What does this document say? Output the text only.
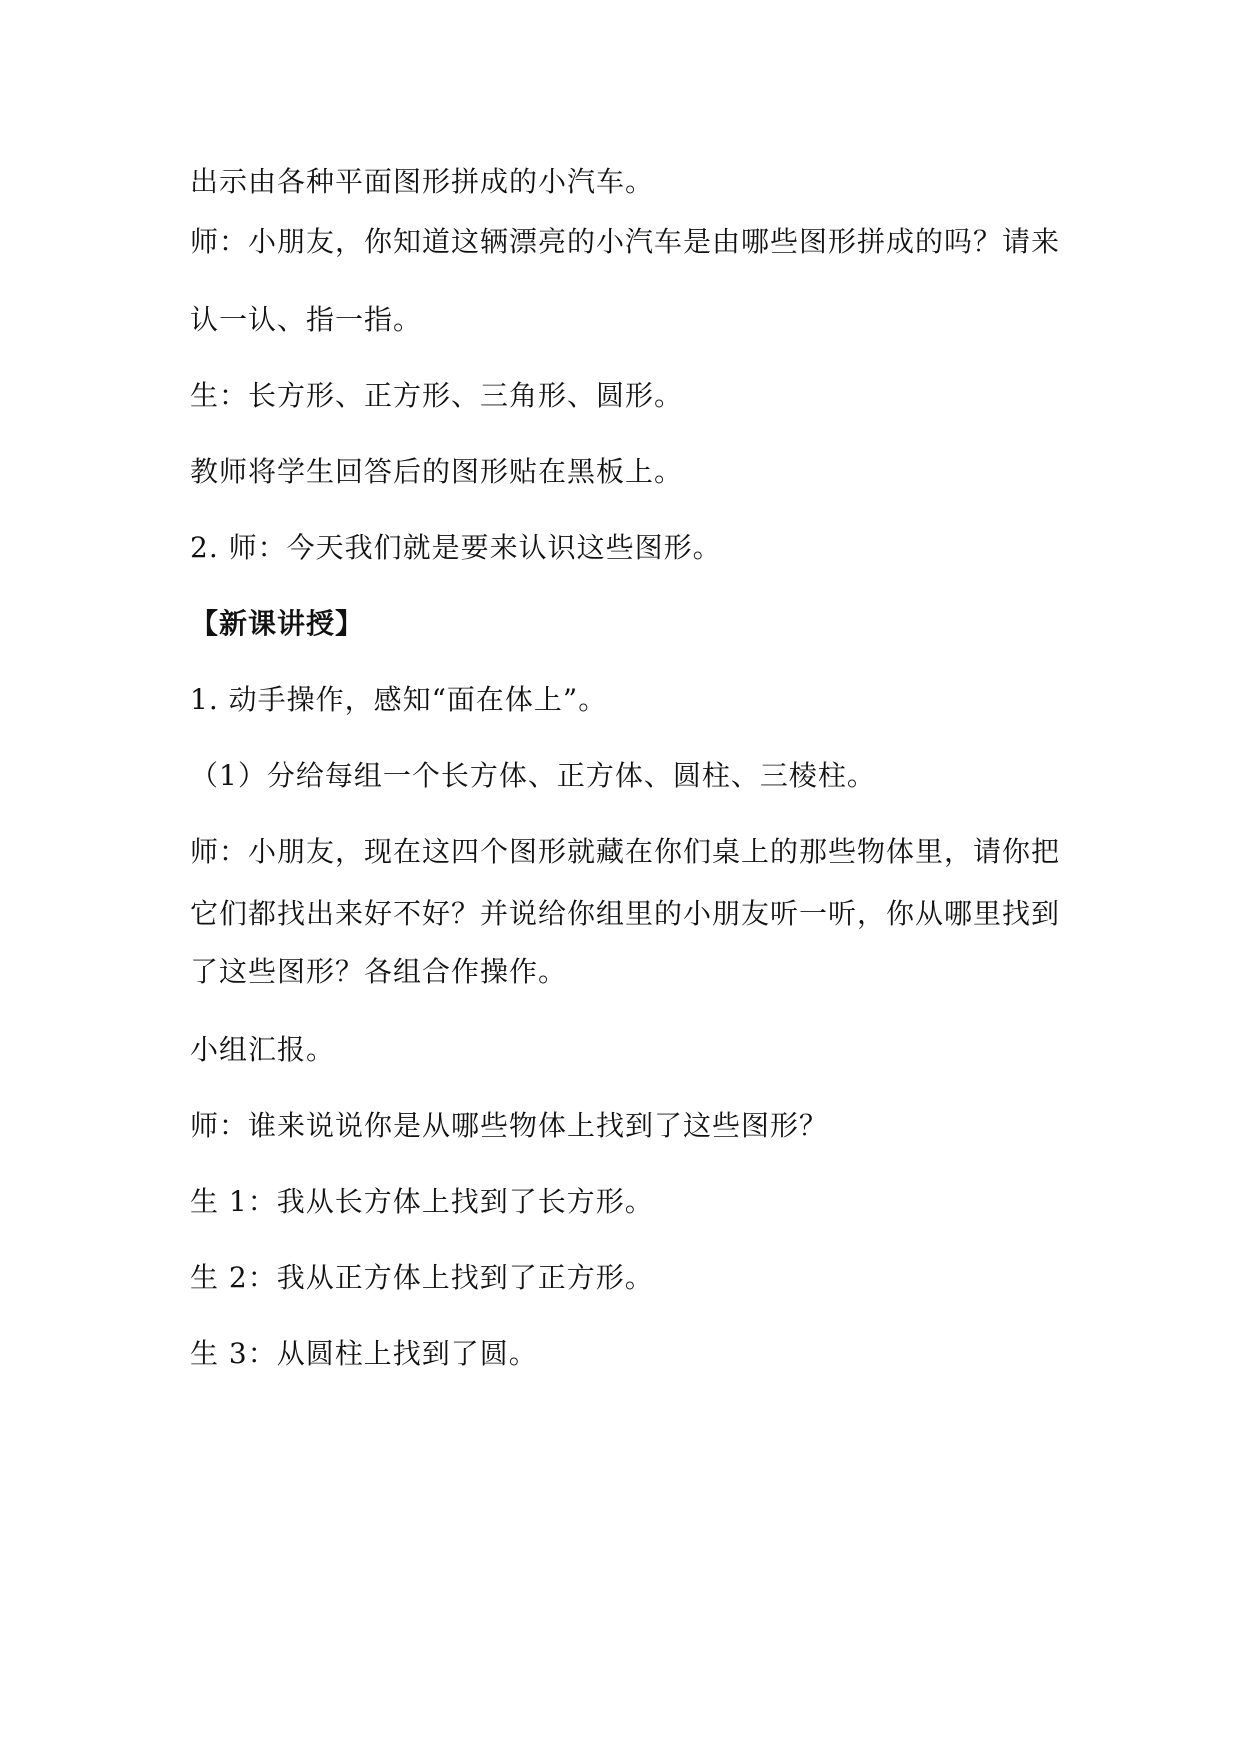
出示由各种平面图形拼成的小汽车。
师：小朋友，你知道这辆漂亮的小汽车是由哪些图形拼成的吗？请来
认一认、指一指。
生：长方形、正方形、三角形、圆形。
教师将学生回答后的图形贴在黑板上。
2. 师：今天我们就是要来认识这些图形。
【新课讲授】
1. 动手操作，感知“面在体上”。
（1）分给每组一个长方体、正方体、圆柱、三棱柱。
师：小朋友，现在这四个图形就藏在你们桌上的那些物体里，请你把
它们都找出来好不好？并说给你组里的小朋友听一听，你从哪里找到
了这些图形？各组合作操作。
小组汇报。
师：谁来说说你是从哪些物体上找到了这些图形？
生 1：我从长方体上找到了长方形。
生 2：我从正方体上找到了正方形。
生 3：从圆柱上找到了圆。
